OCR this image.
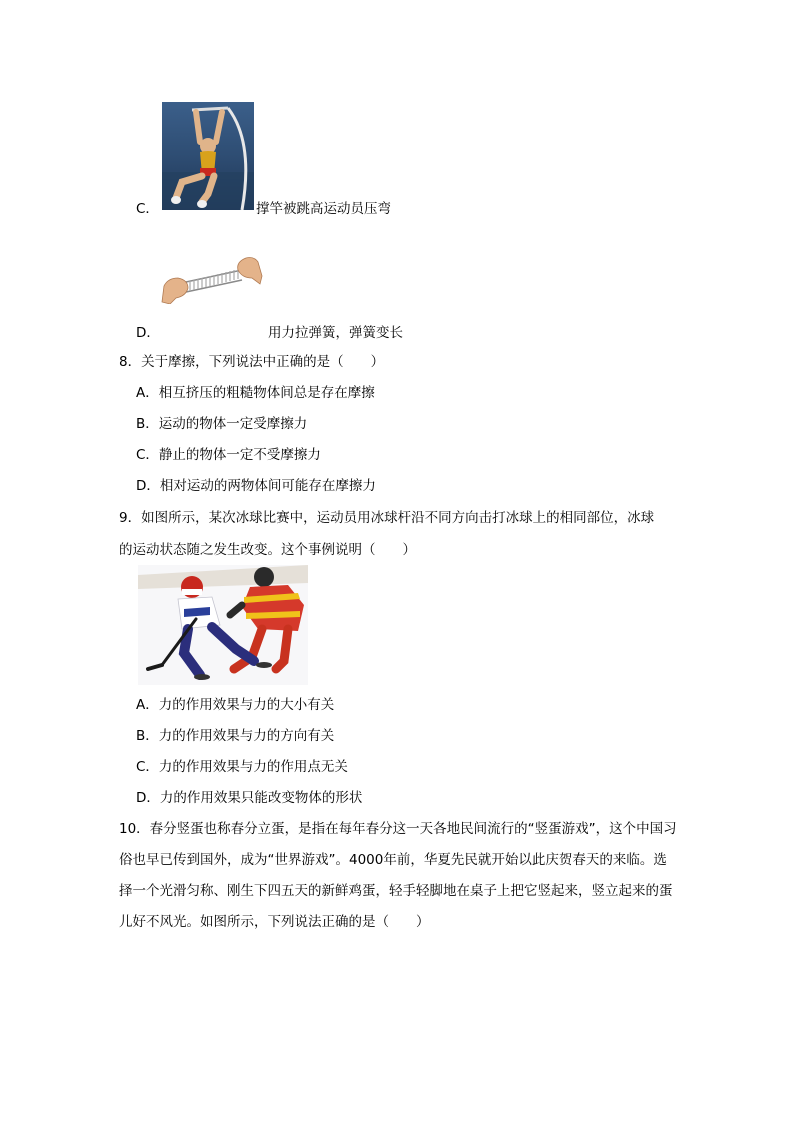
C．	撑竿被跳高运动员压弯
D．	用力拉弹簧，弹簧变长
8．关于摩擦，下列说法中正确的是（　　）
A．相互挤压的粗糙物体间总是存在摩擦
B．运动的物体一定受摩擦力
C．静止的物体一定不受摩擦力
D．相对运动的两物体间可能存在摩擦力
9．如图所示，某次冰球比赛中，运动员用冰球杆沿不同方向击打冰球上的相同部位，冰球
的运动状态随之发生改变。这个事例说明（　　）
A．力的作用效果与力的大小有关
B．力的作用效果与力的方向有关
C．力的作用效果与力的作用点无关
D．力的作用效果只能改变物体的形状
10．春分竖蛋也称春分立蛋，是指在每年春分这一天各地民间流行的“竖蛋游戏”，这个中国习俗也早已传到国外，成为“世界游戏”。4000年前，华夏先民就开始以此庆贺春天的来临。选择一个光滑匀称、刚生下四五天的新鲜鸡蛋，轻手轻脚地在桌子上把它竖起来，竖立起来的蛋儿好不风光。如图所示，下列说法正确的是（　　）
